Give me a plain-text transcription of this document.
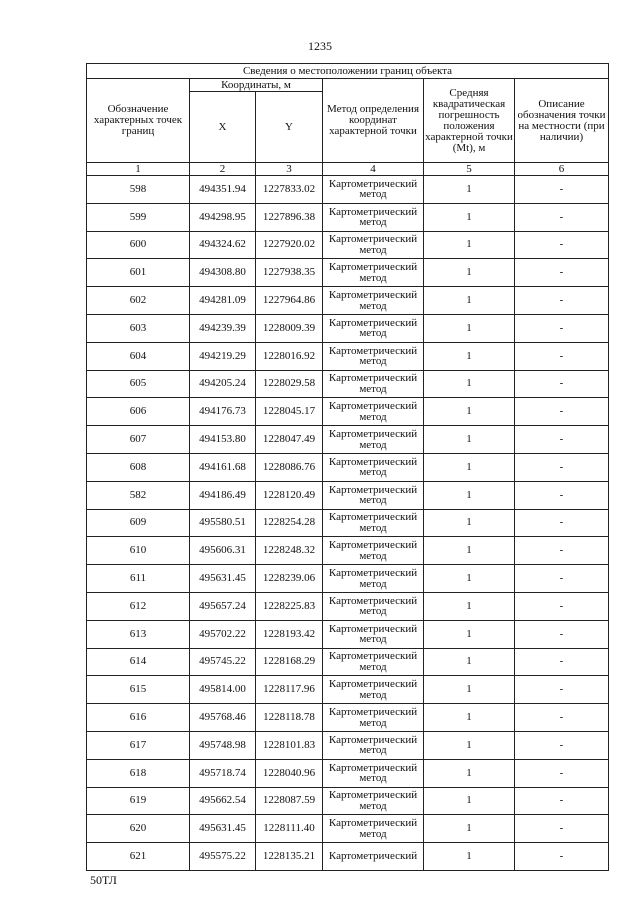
1235
Сведения о местоположении границ объекта					
Обозначение характерных точек границ	Координаты, м		Метод определения координат характерной точки	Средняя квадратическая погрешность положения характерной точки (Mt), м	Описание обозначения точки на местности (при наличии)
	X	Y			
1	2	3	4	5	6
598	494351.94	1227833.02	Картометрический метод	1	-
599	494298.95	1227896.38	Картометрический метод	1	-
600	494324.62	1227920.02	Картометрический метод	1	-
601	494308.80	1227938.35	Картометрический метод	1	-
602	494281.09	1227964.86	Картометрический метод	1	-
603	494239.39	1228009.39	Картометрический метод	1	-
604	494219.29	1228016.92	Картометрический метод	1	-
605	494205.24	1228029.58	Картометрический метод	1	-
606	494176.73	1228045.17	Картометрический метод	1	-
607	494153.80	1228047.49	Картометрический метод	1	-
608	494161.68	1228086.76	Картометрический метод	1	-
582	494186.49	1228120.49	Картометрический метод	1	-
609	495580.51	1228254.28	Картометрический метод	1	-
610	495606.31	1228248.32	Картометрический метод	1	-
611	495631.45	1228239.06	Картометрический метод	1	-
612	495657.24	1228225.83	Картометрический метод	1	-
613	495702.22	1228193.42	Картометрический метод	1	-
614	495745.22	1228168.29	Картометрический метод	1	-
615	495814.00	1228117.96	Картометрический метод	1	-
616	495768.46	1228118.78	Картометрический метод	1	-
617	495748.98	1228101.83	Картометрический метод	1	-
618	495718.74	1228040.96	Картометрический метод	1	-
619	495662.54	1228087.59	Картометрический метод	1	-
620	495631.45	1228111.40	Картометрический метод	1	-
621	495575.22	1228135.21	Картометрический	1	-
50ТЛ
